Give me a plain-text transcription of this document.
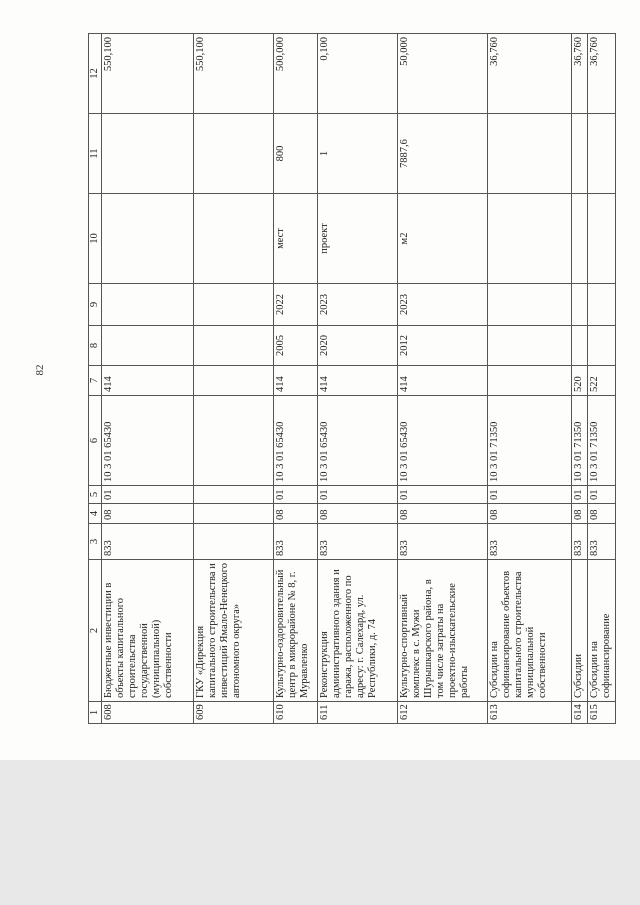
82
1	2	3	4	5	6	7	8	9	10	11	12
608	Бюджетные инвестиции в объекты капитального строительства государственной (муниципальной) собственности	833	08	01	10 3 01 65430	414					550,100
609	ГКУ «Дирекция капитального строительства и инвестиций Ямало-Ненецкого автономного округа»										550,100
610	Культурно-оздоровительный центр в микрорайоне № 8, г. Муравленко	833	08	01	10 3 01 65430	414	2005	2022	мест	800	500,000
611	Реконструкция административного здания и гаража, расположенного по адресу: г. Салехард, ул. Республики, д. 74	833	08	01	10 3 01 65430	414	2020	2023	проект	1	0,100
612	Культурно-спортивный комплекс в с. Мужи Шурышкарского района, в том числе затраты на проектно-изыскательские работы	833	08	01	10 3 01 65430	414	2012	2023	м2	7887,6	50,000
613	Субсидии на софинансирование объектов капитального строительства муниципальной собственности	833	08	01	10 3 01 71350						36,760
614	Субсидии	833	08	01	10 3 01 71350	520					36,760
615	Субсидии на софинансирование	833	08	01	10 3 01 71350	522					36,760
